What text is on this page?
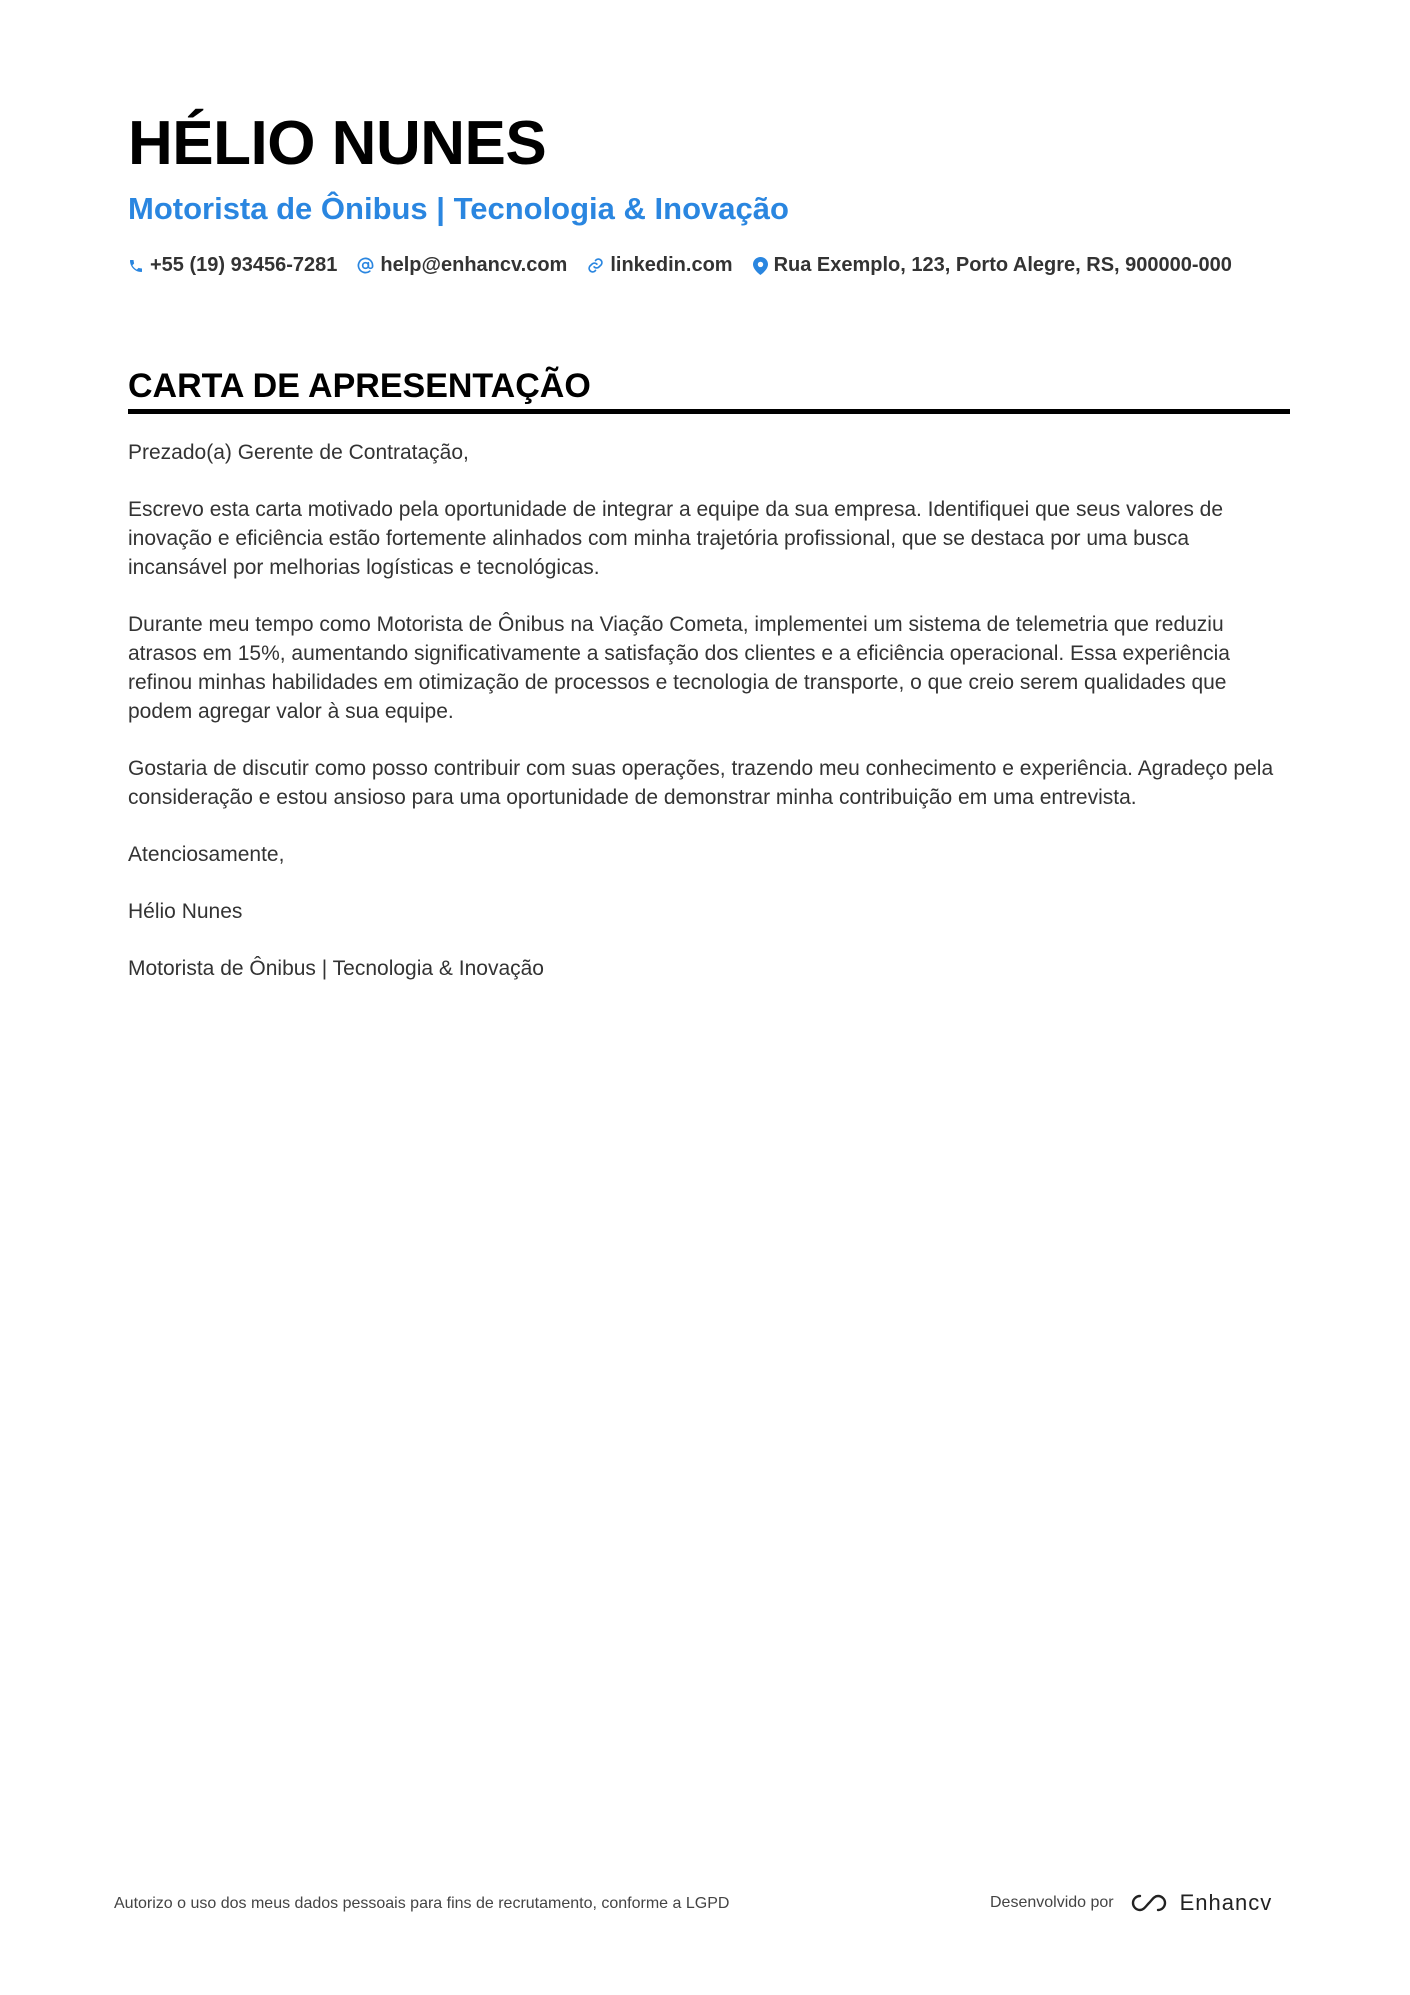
HÉLIO NUNES
Motorista de Ônibus | Tecnologia & Inovação
+55 (19) 93456-7281 help@enhancv.com linkedin.com Rua Exemplo, 123, Porto Alegre, RS, 900000-000
CARTA DE APRESENTAÇÃO

Prezado(a) Gerente de Contratação,

Escrevo esta carta motivado pela oportunidade de integrar a equipe da sua empresa. Identifiquei que seus valores de inovação e eficiência estão fortemente alinhados com minha trajetória profissional, que se destaca por uma busca incansável por melhorias logísticas e tecnológicas.

Durante meu tempo como Motorista de Ônibus na Viação Cometa, implementei um sistema de telemetria que reduziu atrasos em 15%, aumentando significativamente a satisfação dos clientes e a eficiência operacional. Essa experiência refinou minhas habilidades em otimização de processos e tecnologia de transporte, o que creio serem qualidades que podem agregar valor à sua equipe.

Gostaria de discutir como posso contribuir com suas operações, trazendo meu conhecimento e experiência. Agradeço pela consideração e estou ansioso para uma oportunidade de demonstrar minha contribuição em uma entrevista.

Atenciosamente,

Hélio Nunes

Motorista de Ônibus | Tecnologia & Inovação

Autorizo o uso dos meus dados pessoais para fins de recrutamento, conforme a LGPD	Desenvolvido por	Enhancv
